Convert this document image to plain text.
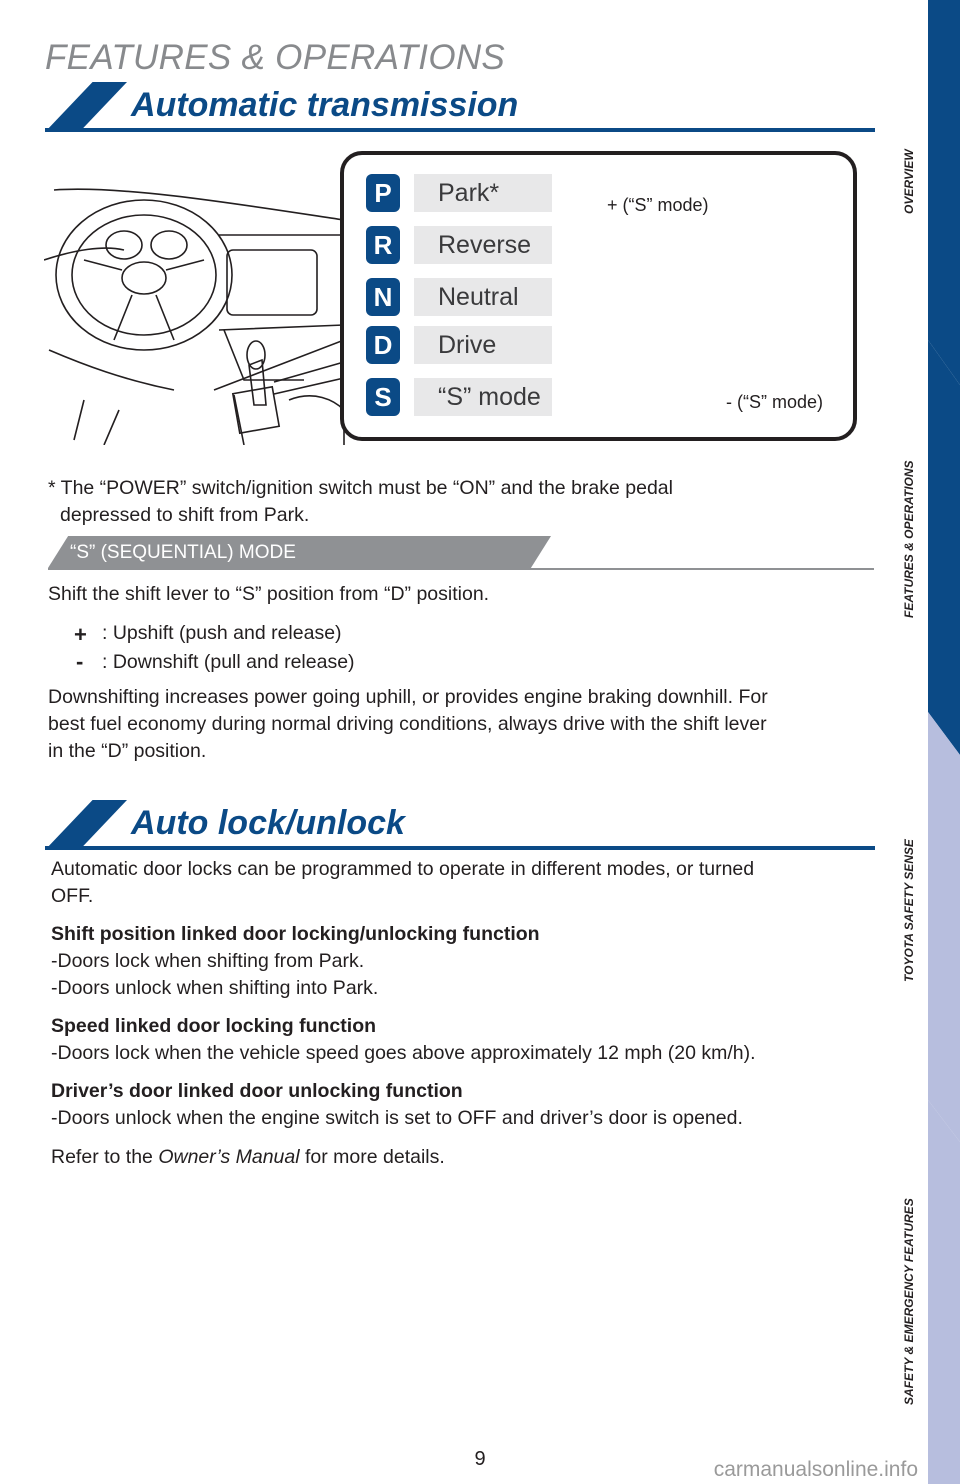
FEATURES & OPERATIONS
Automatic transmission
P	Park*
R	Reverse
N	Neutral
D	Drive
S	“S” mode
+ (“S” mode)
- (“S” mode)
* The “POWER” switch/ignition switch must be “ON” and the brake pedal
depressed to shift from Park.
“S” (SEQUENTIAL) MODE
Shift the shift lever to “S” position from “D” position.
+ : Upshift (push and release)
- : Downshift (pull and release)
Downshifting increases power going uphill, or provides engine braking downhill. For
best fuel economy during normal driving conditions, always drive with the shift lever
in the “D” position.
Auto lock/unlock
Automatic door locks can be programmed to operate in different modes, or turned
OFF.
Shift position linked door locking/unlocking function
-Doors lock when shifting from Park.
-Doors unlock when shifting into Park.
Speed linked door locking function
-Doors lock when the vehicle speed goes above approximately 12 mph (20 km/h).
Driver’s door linked door unlocking function
-Doors unlock when the engine switch is set to OFF and driver’s door is opened.
Refer to the Owner’s Manual for more details.
OVERVIEW
FEATURES & OPERATIONS
TOYOTA SAFETY SENSE
SAFETY & EMERGENCY FEATURES
9	carmanualsonline.info
